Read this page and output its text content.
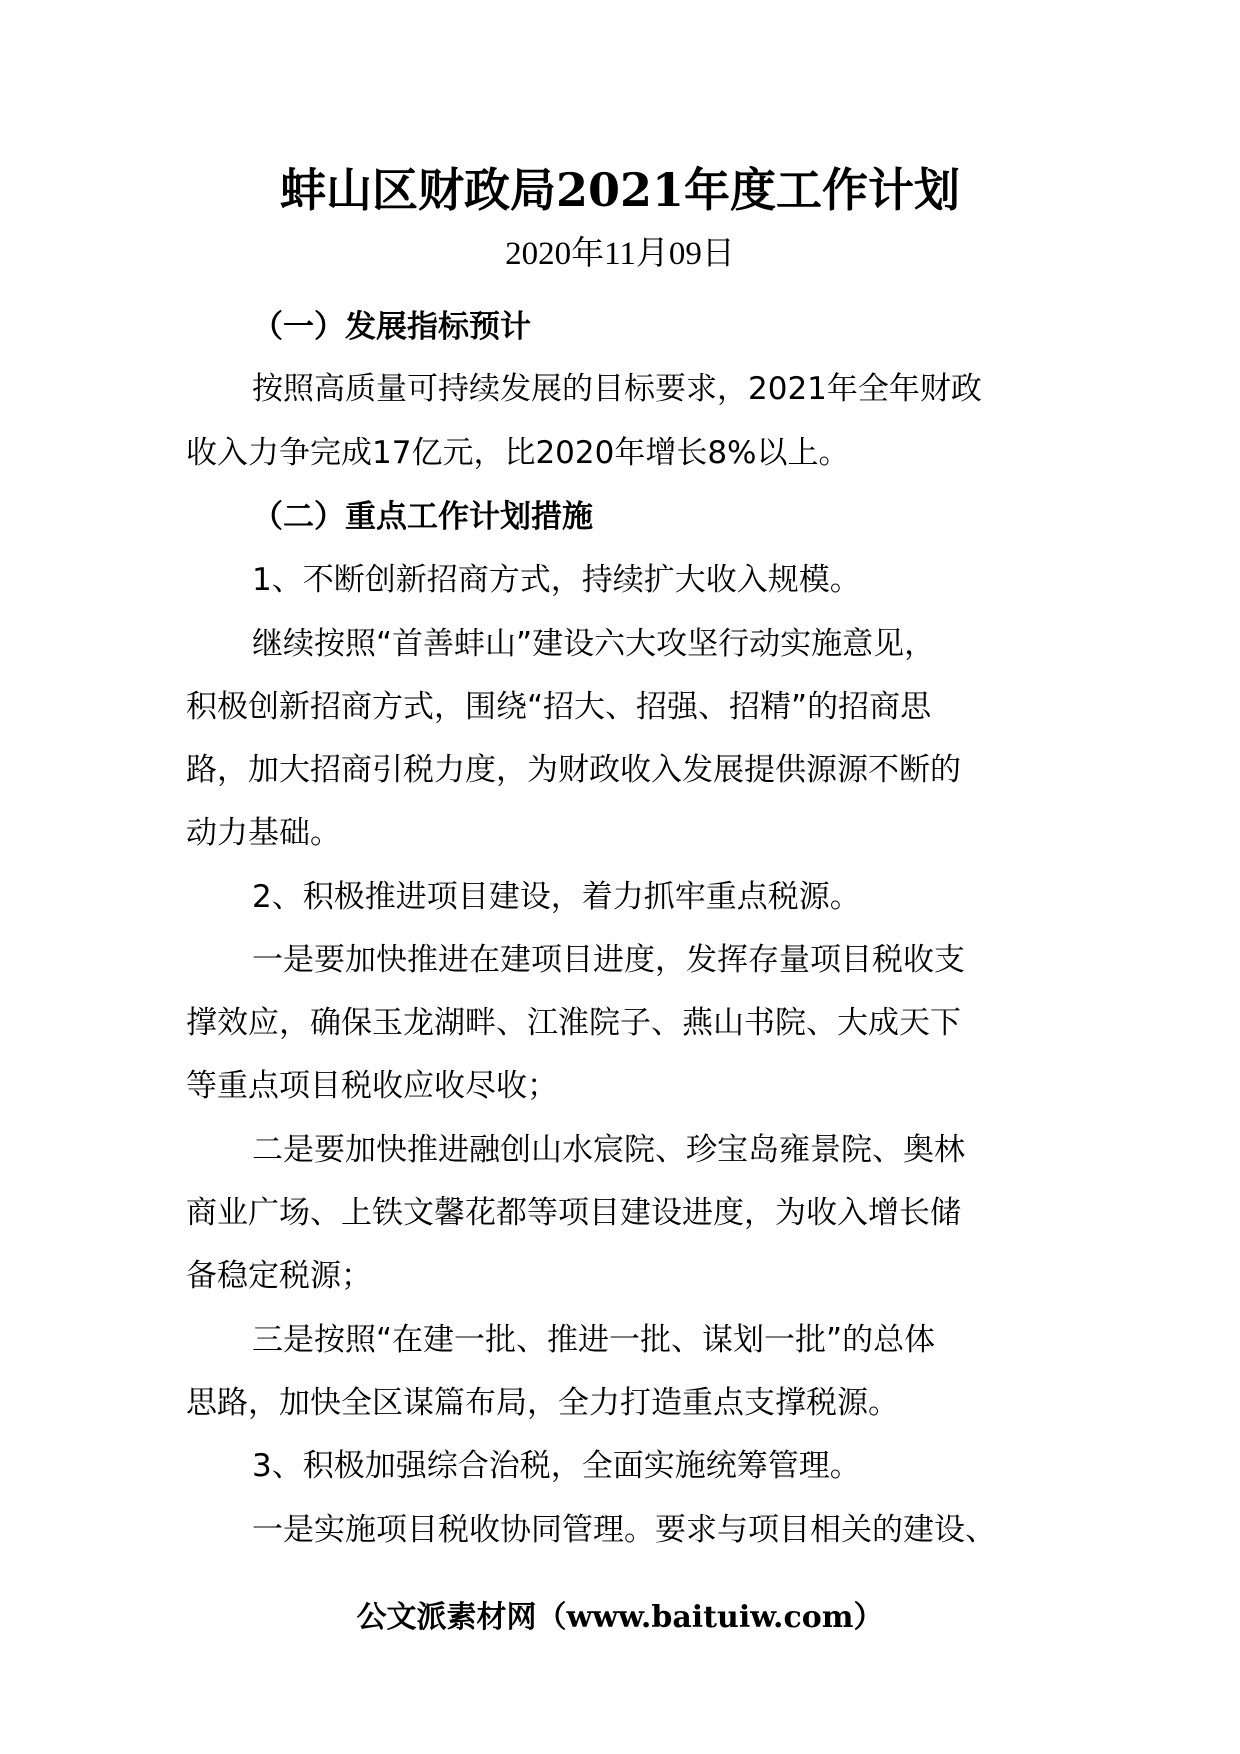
蚌山区财政局2021年度工作计划
2020年11月09日
（一）发展指标预计
按照高质量可持续发展的目标要求，2021年全年财政
收入力争完成17亿元，比2020年增长8%以上。
（二）重点工作计划措施
1、不断创新招商方式，持续扩大收入规模。
继续按照“首善蚌山”建设六大攻坚行动实施意见，
积极创新招商方式，围绕“招大、招强、招精”的招商思
路，加大招商引税力度，为财政收入发展提供源源不断的
动力基础。
2、积极推进项目建设，着力抓牢重点税源。
一是要加快推进在建项目进度，发挥存量项目税收支
撑效应，确保玉龙湖畔、江淮院子、燕山书院、大成天下
等重点项目税收应收尽收；
二是要加快推进融创山水宸院、珍宝岛雍景院、奥林
商业广场、上铁文馨花都等项目建设进度，为收入增长储
备稳定税源；
三是按照“在建一批、推进一批、谋划一批”的总体
思路，加快全区谋篇布局，全力打造重点支撑税源。
3、积极加强综合治税，全面实施统筹管理。
一是实施项目税收协同管理。要求与项目相关的建设、
公文派素材网（www.baituiw.com）
